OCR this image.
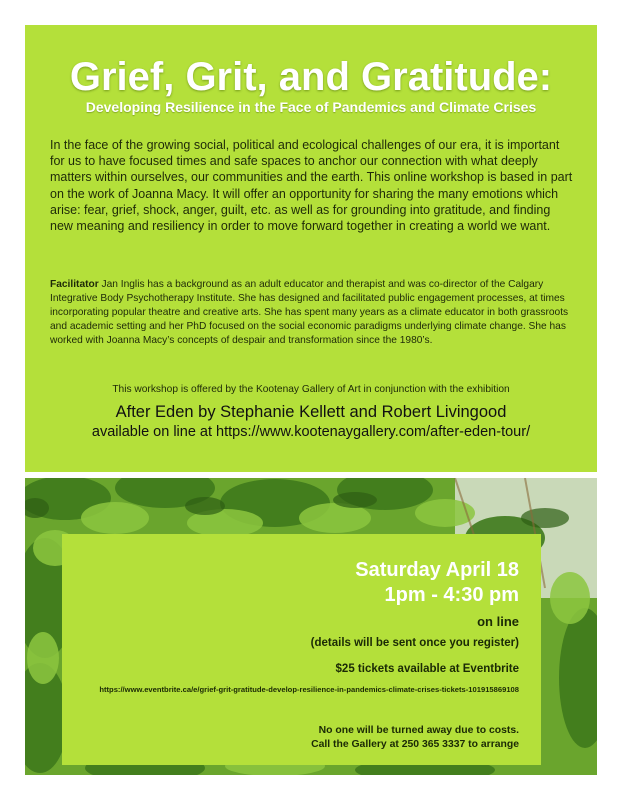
Grief, Grit, and Gratitude:
Developing Resilience in the Face of Pandemics and Climate Crises

In the face of the growing social, political and ecological challenges of our era, it is important for us to have focused times and safe spaces to anchor our connection with what deeply matters within ourselves, our communities and the earth. This online workshop is based in part on the work of Joanna Macy. It will offer an opportunity for sharing the many emotions which arise: fear, grief, shock, anger, guilt, etc. as well as for grounding into gratitude, and finding new meaning and resiliency in order to move forward together in creating a world we want.

Facilitator Jan Inglis has a background as an adult educator and therapist and was co-director of the Calgary Integrative Body Psychotherapy Institute. She has designed and facilitated public engagement processes, at times incorporating popular theatre and creative arts. She has spent many years as a climate educator in both grassroots and academic setting and her PhD focused on the social economic paradigms underlying climate change. She has worked with Joanna Macy’s concepts of despair and transformation since the 1980’s.

This workshop is offered by the Kootenay Gallery of Art in conjunction with the exhibition
After Eden by Stephanie Kellett and Robert Livingood
available on line at https://www.kootenaygallery.com/after-eden-tour/

Saturday April 18

1pm - 4:30 pm

on line

(details will be sent once you register)

$25 tickets available at Eventbrite

https://www.eventbrite.ca/e/grief-grit-gratitude-develop-resilience-in-pandemics-climate-crises-tickets-101915869108

No one will be turned away due to costs.
Call the Gallery at 250 365 3337 to arrange
